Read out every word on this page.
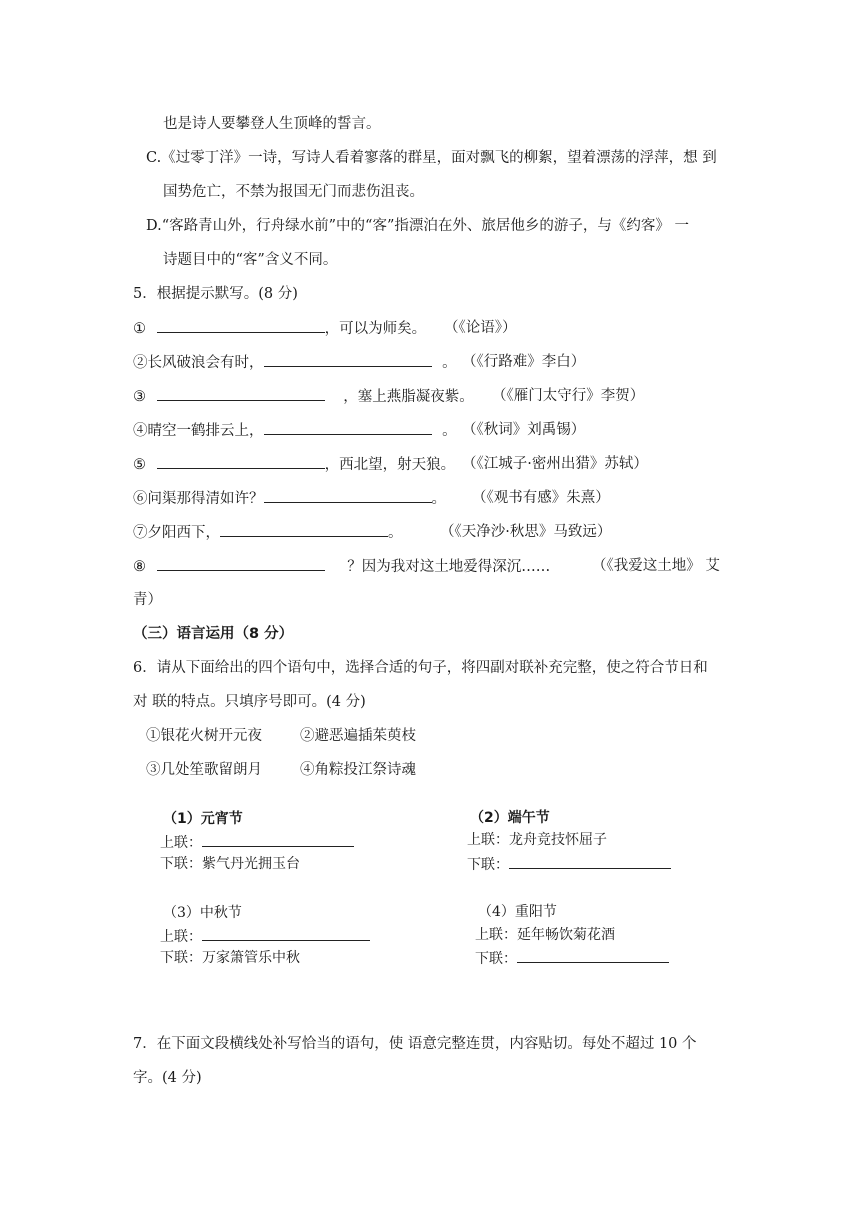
也是诗人要攀登人生顶峰的誓言。
C.《过零丁洋》一诗，写诗人看着寥落的群星，面对飘飞的柳絮，望着漂荡的浮萍，想 到
国势危亡，不禁为报国无门而悲伤沮丧。
D.“客路青山外，行舟绿水前”中的“客”指漂泊在外、旅居他乡的游子，与《约客》 一
诗题目中的“客”含义不同。
5．根据提示默写。(8 分)
①	，可以为师矣。 （《论语》）
②长风破浪会有时，	。 （《行路难》李白）
③	，塞上燕脂凝夜紫。 （《雁门太守行》李贺）
④晴空一鹤排云上，	。 （《秋词》刘禹锡）
⑤	，西北望，射天狼。 （《江城子·密州出猎》苏轼）
⑥问渠那得清如许？	。 （《观书有感》朱熹）
⑦夕阳西下，	。	（《天净沙·秋思》马致远）
⑧	？因为我对这土地爱得深沉……	（《我爱这土地》 艾
青）
（三）语言运用（8 分）
6．请从下面给出的四个语句中，选择合适的句子，将四副对联补充完整，使之符合节日和
对 联的特点。只填序号即可。(4 分)
①银花火树开元夜	②避恶遍插茱萸枝
③几处笙歌留朗月	④角粽投江祭诗魂
（1）元宵节
上联：
下联：紫气丹光拥玉台
（2）端午节
上联：龙舟竞技怀屈子
下联：
（3）中秋节
上联：
下联：万家箫管乐中秋
（4）重阳节
上联：延年畅饮菊花酒
下联：
7．在下面文段横线处补写恰当的语句，使 语意完整连贯，内容贴切。每处不超过 10 个
字。(4 分)
